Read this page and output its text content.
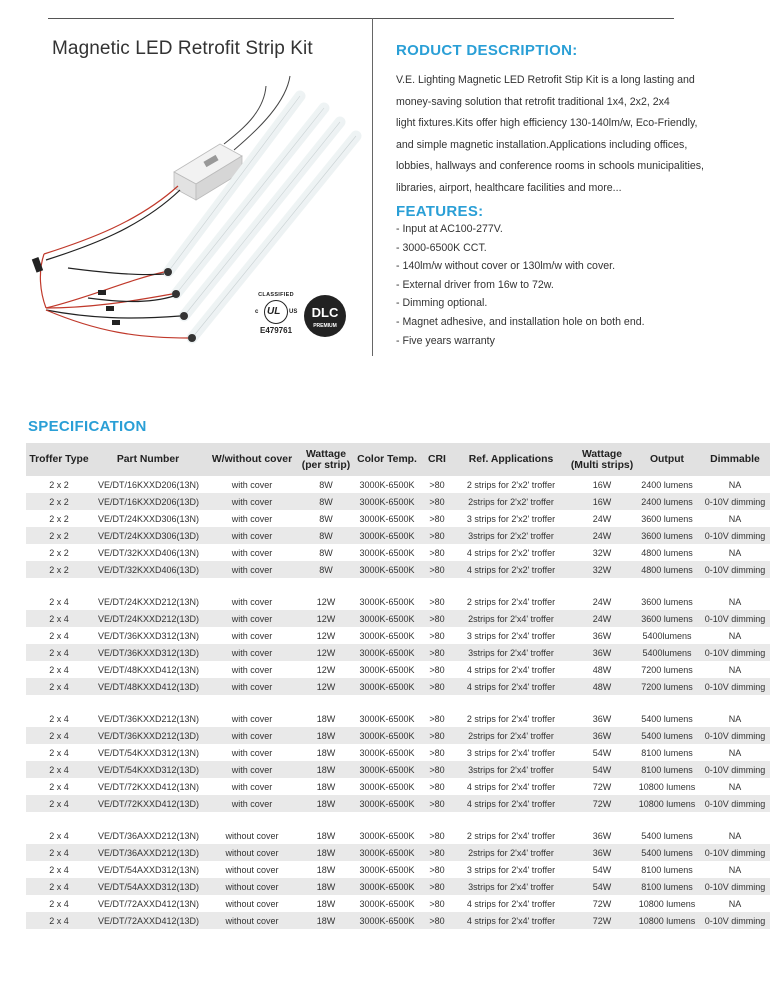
Magnetic LED Retrofit Strip Kit
CLASSIFIED
c UL US
E479761
DLC
PREMIUM
RODUCT DESCRIPTION:
V.E. Lighting Magnetic LED Retrofit Stip Kit is a long lasting and
money-saving solution that retrofit traditional 1x4, 2x2, 2x4
light fixtures.Kits offer high efficiency 130-140lm/w, Eco-Friendly,
and simple magnetic installation.Applications including offices,
lobbies, hallways and conference rooms in schools municipalities,
libraries, airport, healthcare facilities and more...
FEATURES:
- Input at AC100-277V.
- 3000-6500K CCT.
- 140lm/w without cover or 130lm/w with cover.
- External driver from 16w to 72w.
- Dimming optional.
- Magnet adhesive, and installation hole on both end.
- Five years warranty
SPECIFICATION
Troffer Type	Part Number	W/without cover	Wattage (per strip)	Color Temp.	CRI	Ref. Applications	Wattage (Multi strips)	Output	Dimmable
2 x 2	VE/DT/16KXXD206(13N)	with cover	8W	3000K-6500K	>80	2 strips for 2'x2' troffer	16W	2400 lumens	NA
2 x 2	VE/DT/16KXXD206(13D)	with cover	8W	3000K-6500K	>80	2strips for 2'x2' troffer	16W	2400 lumens	0-10V dimming
2 x 2	VE/DT/24KXXD306(13N)	with cover	8W	3000K-6500K	>80	3 strips for 2'x2' troffer	24W	3600 lumens	NA
2 x 2	VE/DT/24KXXD306(13D)	with cover	8W	3000K-6500K	>80	3strips for 2'x2' troffer	24W	3600 lumens	0-10V dimming
2 x 2	VE/DT/32KXXD406(13N)	with cover	8W	3000K-6500K	>80	4 strips for 2'x2' troffer	32W	4800 lumens	NA
2 x 2	VE/DT/32KXXD406(13D)	with cover	8W	3000K-6500K	>80	4 strips for 2'x2' troffer	32W	4800 lumens	0-10V dimming

2 x 4	VE/DT/24KXXD212(13N)	with cover	12W	3000K-6500K	>80	2 strips for 2'x4' troffer	24W	3600 lumens	NA
2 x 4	VE/DT/24KXXD212(13D)	with cover	12W	3000K-6500K	>80	2strips for 2'x4' troffer	24W	3600 lumens	0-10V dimming
2 x 4	VE/DT/36KXXD312(13N)	with cover	12W	3000K-6500K	>80	3 strips for 2'x4' troffer	36W	5400lumens	NA
2 x 4	VE/DT/36KXXD312(13D)	with cover	12W	3000K-6500K	>80	3strips for 2'x4' troffer	36W	5400lumens	0-10V dimming
2 x 4	VE/DT/48KXXD412(13N)	with cover	12W	3000K-6500K	>80	4 strips for 2'x4' troffer	48W	7200 lumens	NA
2 x 4	VE/DT/48KXXD412(13D)	with cover	12W	3000K-6500K	>80	4 strips for 2'x4' troffer	48W	7200 lumens	0-10V dimming

2 x 4	VE/DT/36KXXD212(13N)	with cover	18W	3000K-6500K	>80	2 strips for 2'x4' troffer	36W	5400 lumens	NA
2 x 4	VE/DT/36KXXD212(13D)	with cover	18W	3000K-6500K	>80	2strips for 2'x4' troffer	36W	5400 lumens	0-10V dimming
2 x 4	VE/DT/54KXXD312(13N)	with cover	18W	3000K-6500K	>80	3 strips for 2'x4' troffer	54W	8100 lumens	NA
2 x 4	VE/DT/54KXXD312(13D)	with cover	18W	3000K-6500K	>80	3strips for 2'x4' troffer	54W	8100 lumens	0-10V dimming
2 x 4	VE/DT/72KXXD412(13N)	with cover	18W	3000K-6500K	>80	4 strips for 2'x4' troffer	72W	10800 lumens	NA
2 x 4	VE/DT/72KXXD412(13D)	with cover	18W	3000K-6500K	>80	4 strips for 2'x4' troffer	72W	10800 lumens	0-10V dimming

2 x 4	VE/DT/36AXXD212(13N)	without cover	18W	3000K-6500K	>80	2 strips for 2'x4' troffer	36W	5400 lumens	NA
2 x 4	VE/DT/36AXXD212(13D)	without cover	18W	3000K-6500K	>80	2strips for 2'x4' troffer	36W	5400 lumens	0-10V dimming
2 x 4	VE/DT/54AXXD312(13N)	without cover	18W	3000K-6500K	>80	3 strips for 2'x4' troffer	54W	8100 lumens	NA
2 x 4	VE/DT/54AXXD312(13D)	without cover	18W	3000K-6500K	>80	3strips for 2'x4' troffer	54W	8100 lumens	0-10V dimming
2 x 4	VE/DT/72AXXD412(13N)	without cover	18W	3000K-6500K	>80	4 strips for 2'x4' troffer	72W	10800 lumens	NA
2 x 4	VE/DT/72AXXD412(13D)	without cover	18W	3000K-6500K	>80	4 strips for 2'x4' troffer	72W	10800 lumens	0-10V dimming
